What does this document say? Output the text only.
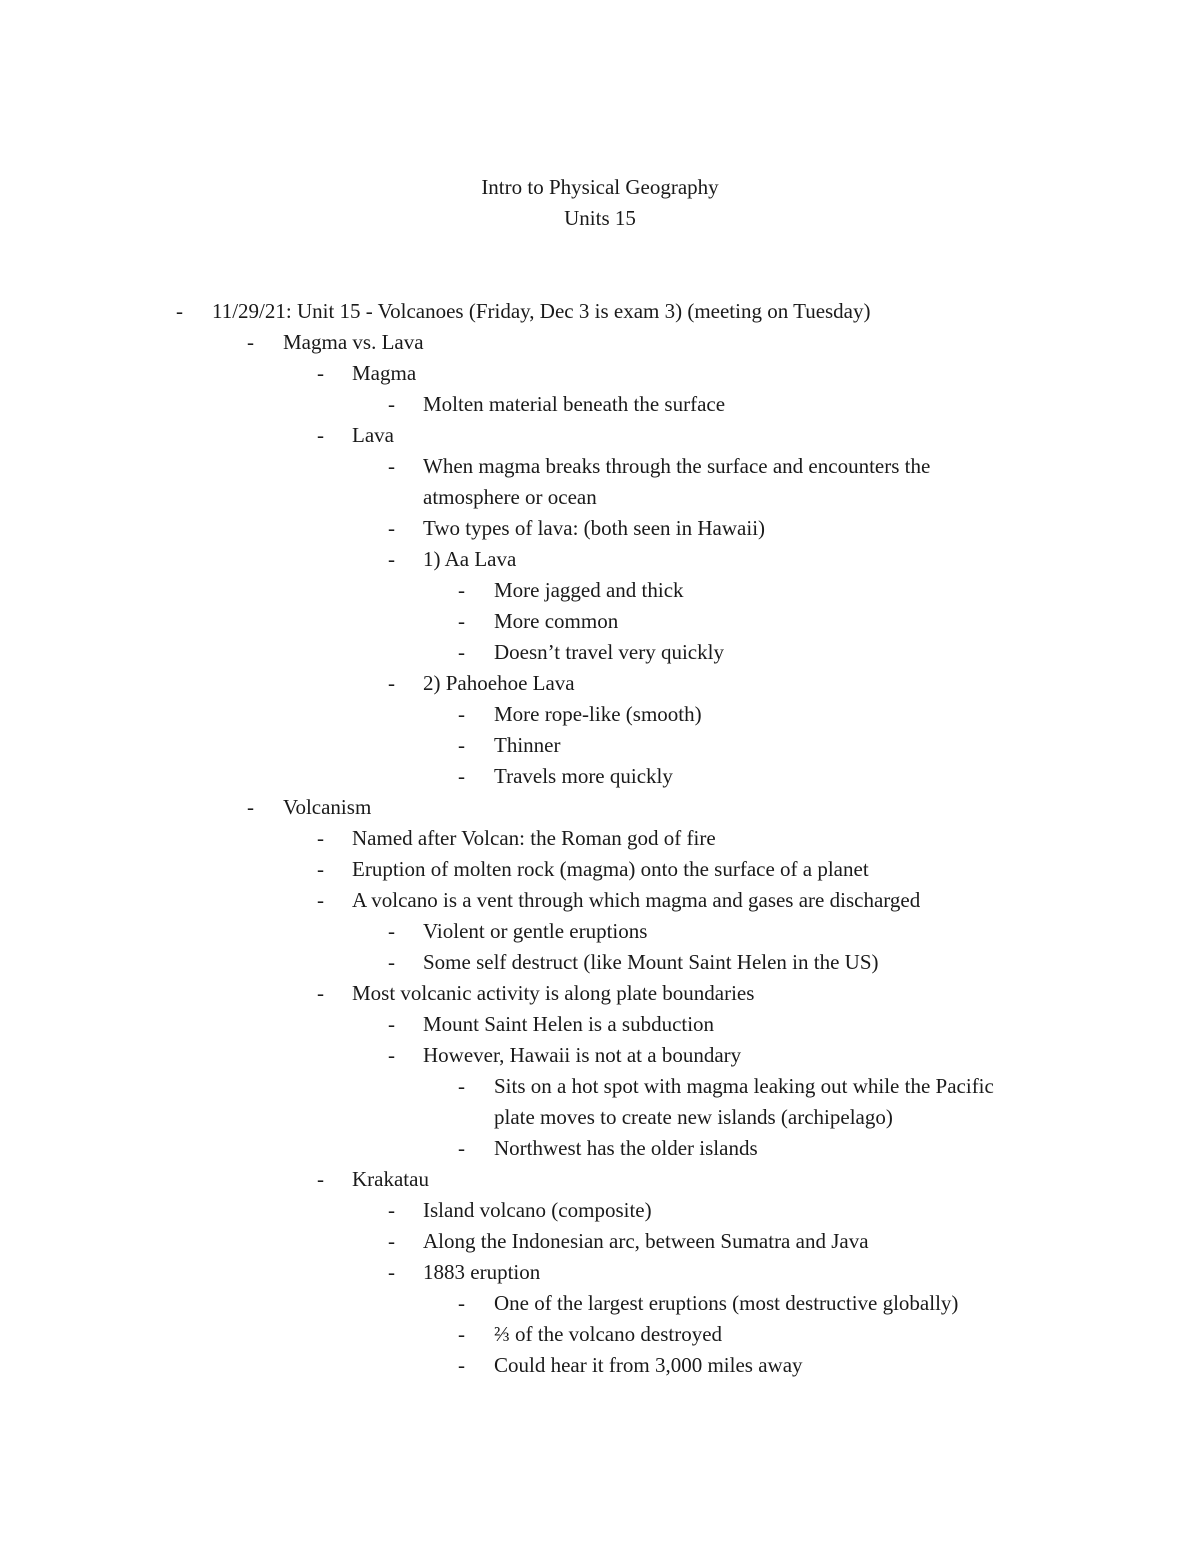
Intro to Physical Geography
Units 15
- 11/29/21: Unit 15 - Volcanoes (Friday, Dec 3 is exam 3) (meeting on Tuesday)
- Magma vs. Lava
- Magma
- Molten material beneath the surface
- Lava
- When magma breaks through the surface and encounters the
atmosphere or ocean
- Two types of lava: (both seen in Hawaii)
- 1) Aa Lava
- More jagged and thick
- More common
- Doesn’t travel very quickly
- 2) Pahoehoe Lava
- More rope-like (smooth)
- Thinner
- Travels more quickly
- Volcanism
- Named after Volcan: the Roman god of fire
- Eruption of molten rock (magma) onto the surface of a planet
- A volcano is a vent through which magma and gases are discharged
- Violent or gentle eruptions
- Some self destruct (like Mount Saint Helen in the US)
- Most volcanic activity is along plate boundaries
- Mount Saint Helen is a subduction
- However, Hawaii is not at a boundary
- Sits on a hot spot with magma leaking out while the Pacific
plate moves to create new islands (archipelago)
- Northwest has the older islands
- Krakatau
- Island volcano (composite)
- Along the Indonesian arc, between Sumatra and Java
- 1883 eruption
- One of the largest eruptions (most destructive globally)
- ⅔ of the volcano destroyed
- Could hear it from 3,000 miles away
